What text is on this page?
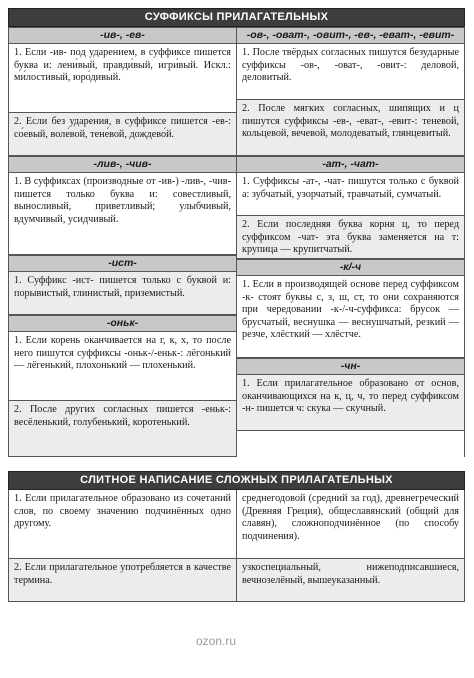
СУФФИКСЫ ПРИЛАГАТЕЛЬНЫХ
-ив-, -ев-
1. Если -ив- под ударением, в суффиксе пишется буква и: лени́вый, правди́вый, игри́вый. Искл.: ми́лостивый, юро́дивый.
2. Если без ударения, в суффиксе пишется -ев-: со́евый, воле́вой, тене́вой, дождево́й.
-лив-, -чив-
1. В суффиксах (производные от -ив-) -лив-, -чив- пишется только буква и: совестливый, выносливый, приветливый; улыбчивый, вдумчивый, усидчивый.
-ист-
1. Суффикс -ист- пишется только с буквой и: порывистый, глинистый, приземистый.
-оньк-
1. Если корень оканчивается на г, к, х, то после него пишутся суффиксы -оньк-/-еньк-: лёгонький — лёгенький, плохонький — плохенький.
2. После других согласных пишется -еньк-: весёленький, голубенький, коротенький.
-ов-, -оват-, -овит-, -ев-, -еват-, -евит-
1. После твёрдых согласных пишутся безударные суффиксы -ов-, -оват-, -овит-: деловой, деловитый.
2. После мягких согласных, шипящих и ц пишутся суффиксы -ев-, -еват-, -евит-: теневой, кольцевой, вечевой, молодеватый, глянцевитый.
-ат-, -чат-
1. Суффиксы -ат-, -чат- пишутся только с буквой а: зубчатый, узорчатый, травчатый, сумчатый.
2. Если последняя буква корня ц, то перед суффиксом -чат- эта буква заменяется на т: крупица — крупитчатый.
-к/-ч
1. Если в производящей основе перед суффиксом -к- стоят буквы с, з, ш, ст, то они сохраняются при чередовании -к-/-ч-суффикса: брусок — брусчатый, веснушка — веснушчатый, резкий — резче, хлёсткий — хлёстче.
-чн-
1. Если прилагательное образовано от основ, оканчивающихся на к, ц, ч, то перед суффиксом -н- пишется ч: скука — скучный.
СЛИТНОЕ НАПИСАНИЕ СЛОЖНЫХ ПРИЛАГАТЕЛЬНЫХ
1. Если прилагательное образовано из сочетаний слов, по своему значению подчинённых одно другому.
среднегодовой (средний за год), древнегреческий (Древняя Греция), общеславянский (общий для славян), сложноподчинённое (по способу подчинения).
2. Если прилагательное употребляется в качестве термина.
узкоспециальный, нижеподписавшиеся, вечнозелёный, вышеуказанный.
ozon.ru
